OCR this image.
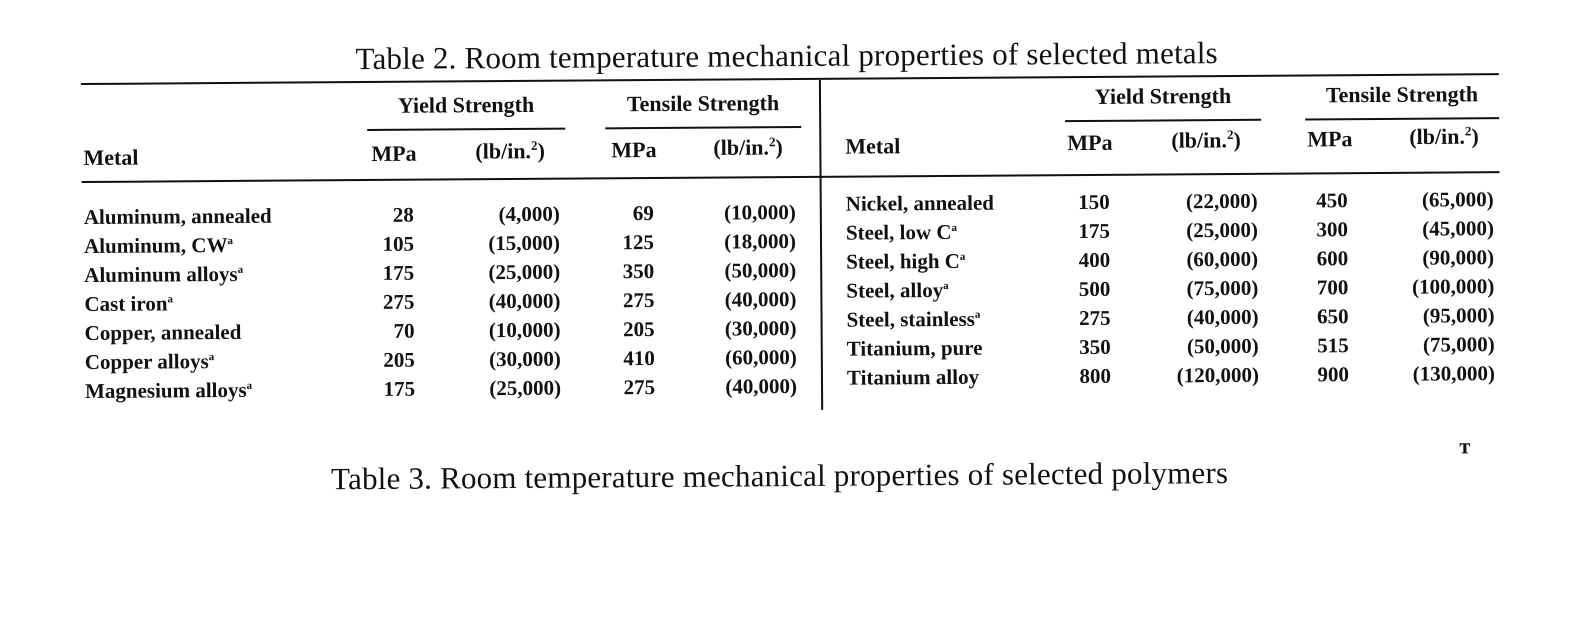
Table 2. Room temperature mechanical properties of selected metals
Yield Strength	Tensile Strength	Yield Strength	Tensile Strength
Metal	MPa	(lb/in.$^2$)	MPa	(lb/in.$^2$)	Metal	MPa	(lb/in.$^2$)	MPa	(lb/in.$^2$)
Aluminum, annealed	28	(4,000)	69	(10,000)
Aluminum, $CW^a$	105	(15,000)	125	(18,000)
Aluminum alloys$^a$	175	(25,000)	350	(50,000)
Cast iron$^a$	275	(40,000)	275	(40,000)
Copper, annealed	70	(10,000)	205	(30,000)
Copper alloys$^a$	205	(30,000)	410	(60,000)
Magnesium alloys$^a$	175	(25,000)	275	(40,000)
Nickel, annealed	150	(22,000)	450	(65,000)
Steel, low $C^a$	175	(25,000)	300	(45,000)
Steel, high $C^a$	400	(60,000)	600	(90,000)
Steel, alloy$^a$	500	(75,000)	700	(100,000)
Steel, stainless$^a$	275	(40,000)	650	(95,000)
Titanium, pure	350	(50,000)	515	(75,000)
Titanium alloy	800	(120,000)	900	(130,000)
Table 3. Room temperature mechanical properties of selected polymers
ᴛ
